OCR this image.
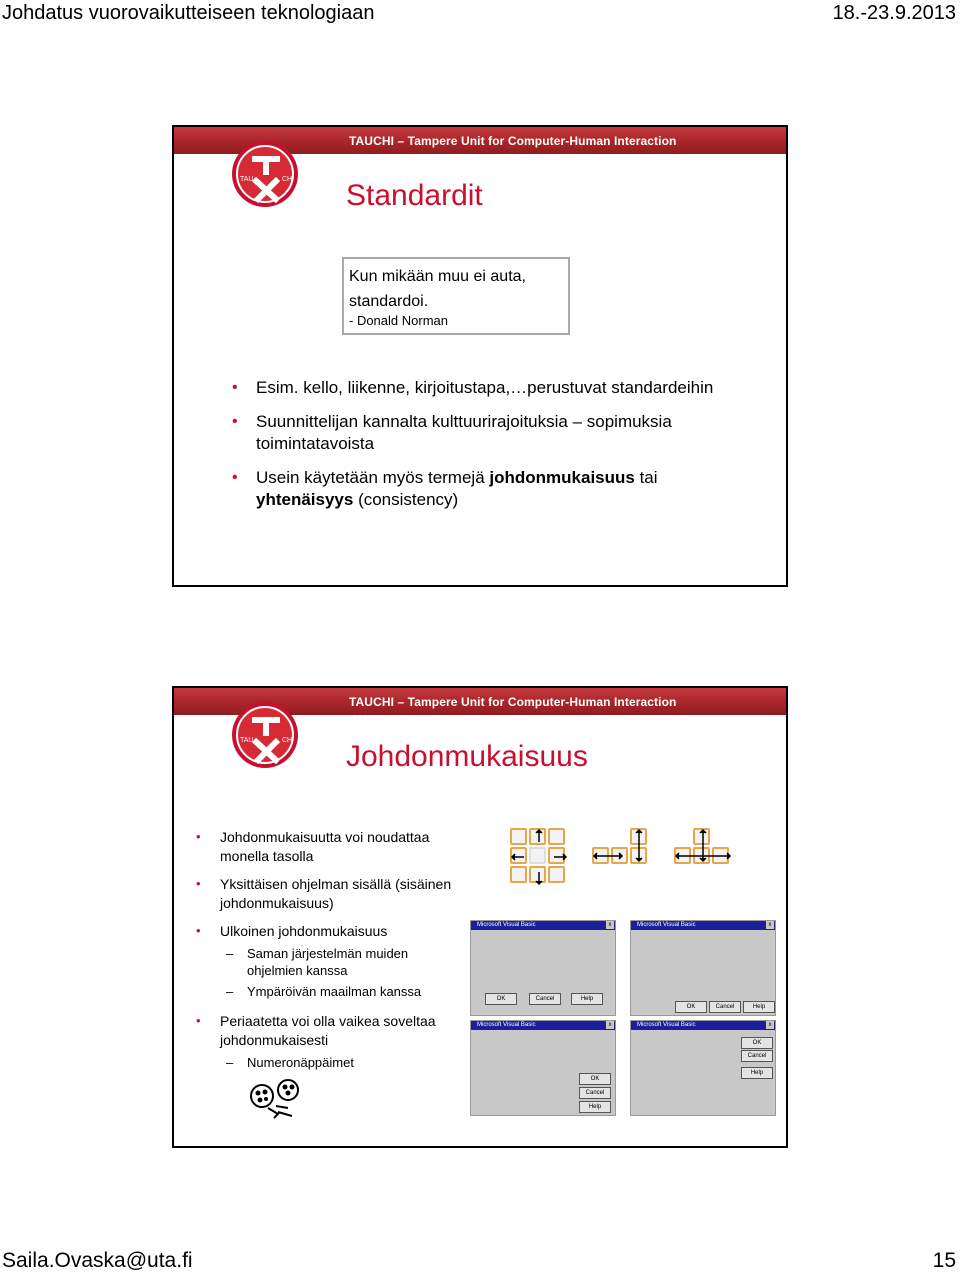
Johdatus vuorovaikutteiseen teknologiaan	18.-23.9.2013
TAUCHI – Tampere Unit for Computer-Human Interaction
TAU	CH Standardit
Kun mikään muu ei auta,
standardoi.
- Donald Norman
• Esim. kello, liikenne, kirjoitustapa,…perustuvat standardeihin
• Suunnittelijan kannalta kulttuurirajoituksia – sopimuksia toimintatavoista
• Usein käytetään myös termejä johdonmukaisuus tai yhtenäisyys (consistency)
TAUCHI – Tampere Unit for Computer-Human Interaction
TAU	CH Johdonmukaisuus
• Johdonmukaisuutta voi noudattaa monella tasolla
• Yksittäisen ohjelman sisällä (sisäinen johdonmukaisuus)
• Ulkoinen johdonmukaisuus
– Saman järjestelmän muiden ohjelmien kanssa
– Ympäröivän maailman kanssa
• Periaatetta voi olla vaikea soveltaa johdonmukaisesti
– Numeronäppäimet
Microsoft Visual Basic	x
OK	Cancel	Help
Microsoft Visual Basic	x
OK	Cancel	Help
Microsoft Visual Basic	x
OK
Cancel
Help
Microsoft Visual Basic	x
OK
Cancel
Help
Saila.Ovaska@uta.fi	15
